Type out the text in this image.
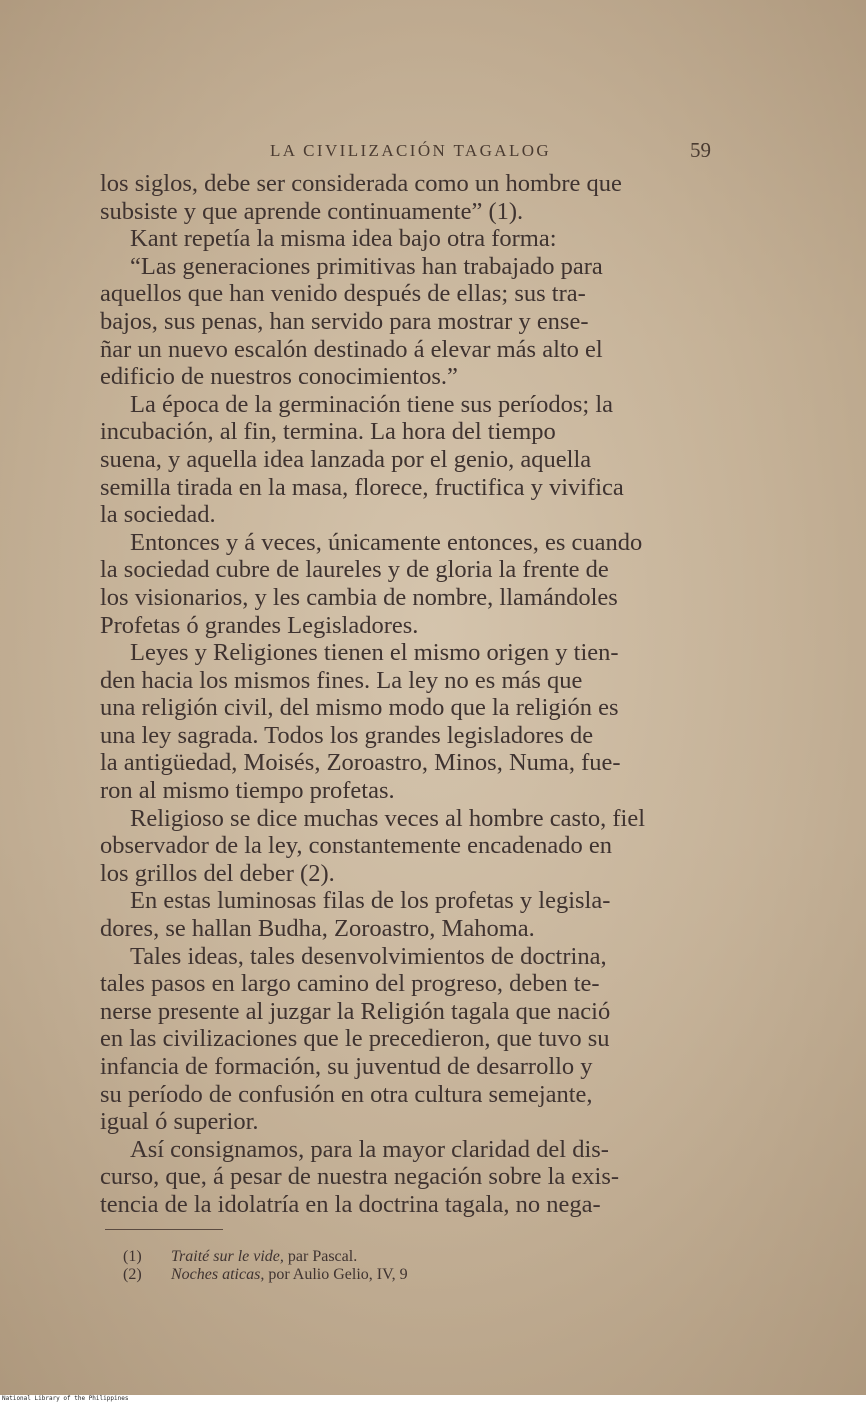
LA CIVILIZACIÓN TAGALOG	59
los siglos, debe ser considerada como un hombre que
subsiste y que aprende continuamente” (1).
Kant repetía la misma idea bajo otra forma:
“Las generaciones primitivas han trabajado para
aquellos que han venido después de ellas; sus tra-
bajos, sus penas, han servido para mostrar y ense-
ñar un nuevo escalón destinado á elevar más alto el
edificio de nuestros conocimientos.”
La época de la germinación tiene sus períodos; la
incubación, al fin, termina. La hora del tiempo
suena, y aquella idea lanzada por el genio, aquella
semilla tirada en la masa, florece, fructifica y vivifica
la sociedad.
Entonces y á veces, únicamente entonces, es cuando
la sociedad cubre de laureles y de gloria la frente de
los visionarios, y les cambia de nombre, llamándoles
Profetas ó grandes Legisladores.
Leyes y Religiones tienen el mismo origen y tien-
den hacia los mismos fines. La ley no es más que
una religión civil, del mismo modo que la religión es
una ley sagrada. Todos los grandes legisladores de
la antigüedad, Moisés, Zoroastro, Minos, Numa, fue-
ron al mismo tiempo profetas.
Religioso se dice muchas veces al hombre casto, fiel
observador de la ley, constantemente encadenado en
los grillos del deber (2).
En estas luminosas filas de los profetas y legisla-
dores, se hallan Budha, Zoroastro, Mahoma.
Tales ideas, tales desenvolvimientos de doctrina,
tales pasos en largo camino del progreso, deben te-
nerse presente al juzgar la Religión tagala que nació
en las civilizaciones que le precedieron, que tuvo su
infancia de formación, su juventud de desarrollo y
su período de confusión en otra cultura semejante,
igual ó superior.
Así consignamos, para la mayor claridad del dis-
curso, que, á pesar de nuestra negación sobre la exis-
tencia de la idolatría en la doctrina tagala, no nega-
(1) Traité sur le vide, par Pascal.
(2) Noches aticas, por Aulio Gelio, IV, 9
National Library of the Philippines
